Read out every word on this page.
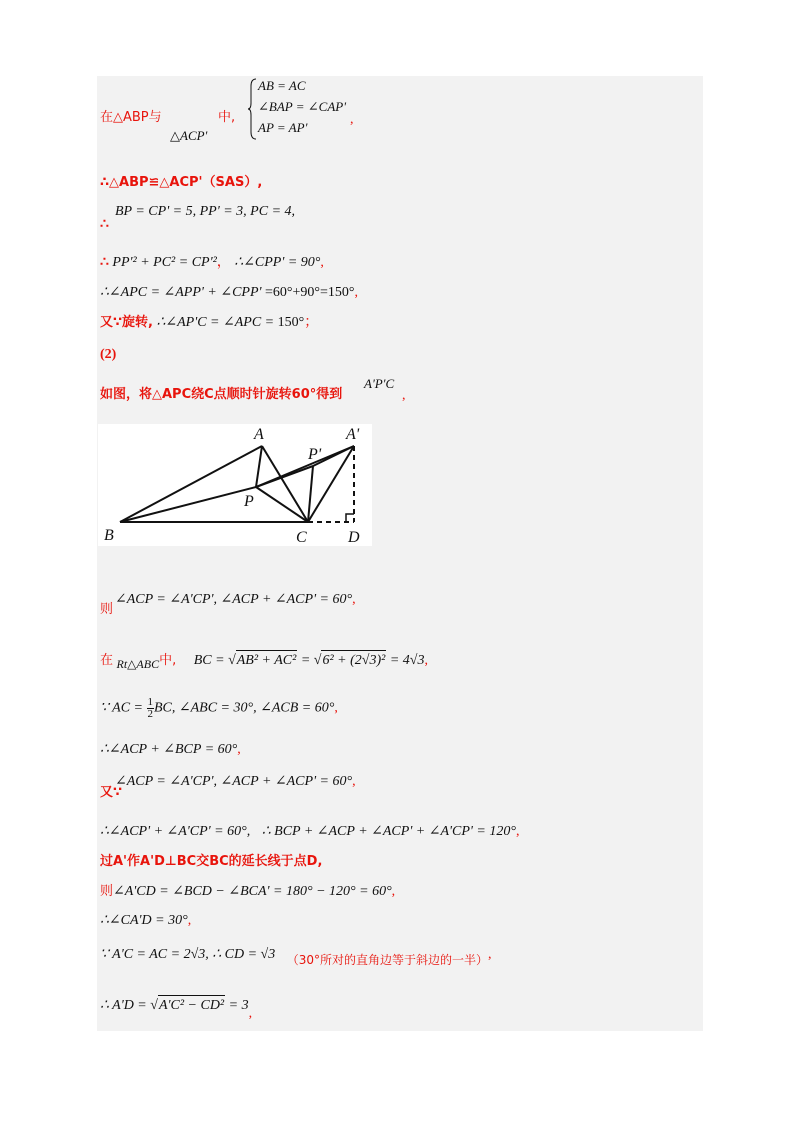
在△ABP与
△ACP'
中,
AB = AC
∠BAP = ∠CAP'
AP = AP'
,
∴△ABP≌△ACP'（SAS）,
BP = CP' = 5, PP' = 3, PC = 4,
∴
∴ PP'² + PC² = CP'²， ∴∠CPP' = 90°,
∴∠APC = ∠APP' + ∠CPP' =60°+90°=150°,
又∵旋转, ∴∠AP'C = ∠APC = 150°；
(2)
如图，将△APC绕C点顺时针旋转60°得到
A'P'C
,
A	A'
P'
P
B	C	D
∠ACP = ∠A'CP', ∠ACP + ∠ACP' = 60°,
则
在 Rt△ABC中, BC = √AB² + AC² = √6² + (2√3)² = 4√3,
∵ AC = $\frac{1}{2}$ BC, ∠ABC = 30°, ∠ACB = 60°,
∴∠ACP + ∠BCP = 60°,
∠ACP = ∠A'CP', ∠ACP + ∠ACP' = 60°,
又∵
∴∠ACP' + ∠A'CP' = 60°, ∴ BCP + ∠ACP + ∠ACP' + ∠A'CP' = 120°,
过A'作A'D⊥BC交BC的延长线于点D,
则∠A'CD = ∠BCD − ∠BCA' = 180° − 120° = 60°,
∴∠CA'D = 30°,
∵ A'C = AC = 2√3, ∴ CD = √3 （30°所对的直角边等于斜边的一半）,
∴ A'D = √A'C² − CD² = 3,
